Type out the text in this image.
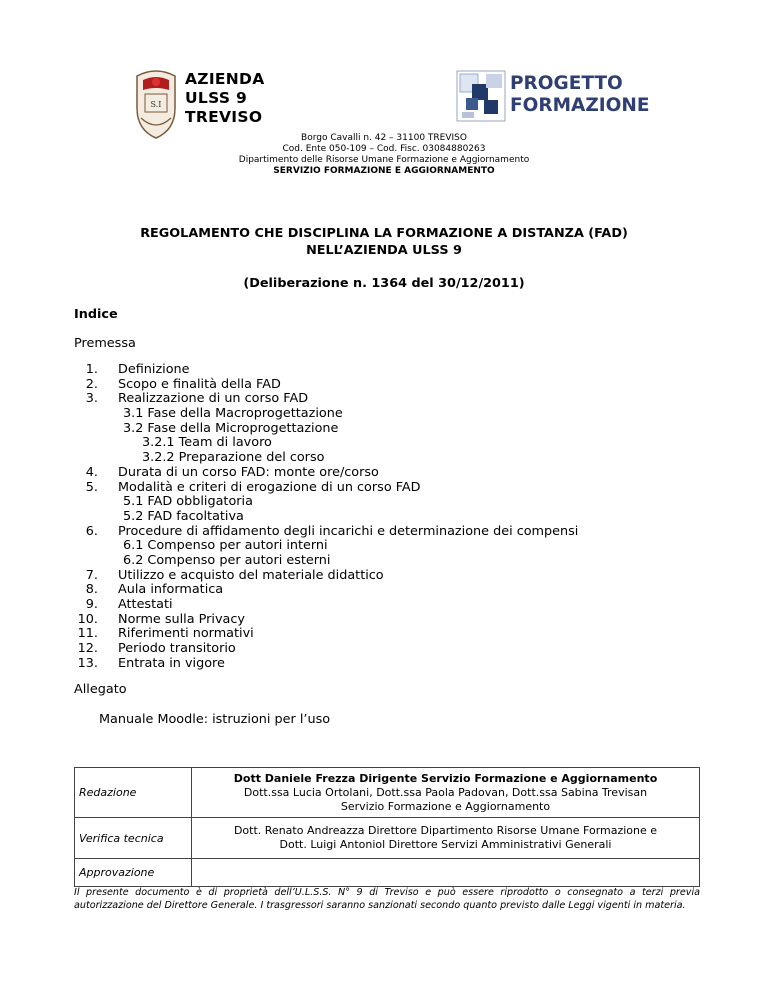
S.I
AZIENDA
ULSS 9
TREVISO
PROGETTO
FORMAZIONE
Borgo Cavalli n. 42 – 31100 TREVISO
Cod. Ente 050-109 – Cod. Fisc. 03084880263
Dipartimento delle Risorse Umane Formazione e Aggiornamento
SERVIZIO FORMAZIONE E AGGIORNAMENTO
REGOLAMENTO CHE DISCIPLINA LA FORMAZIONE A DISTANZA (FAD)
NELL’AZIENDA ULSS 9
(Deliberazione n. 1364 del 30/12/2011)
Indice
Premessa
1. Definizione
2. Scopo e finalità della FAD
3. Realizzazione di un corso FAD
3.1 Fase della Macroprogettazione
3.2 Fase della Microprogettazione
3.2.1 Team di lavoro
3.2.2 Preparazione del corso
4. Durata di un corso FAD: monte ore/corso
5. Modalità e criteri di erogazione di un corso FAD
5.1 FAD obbligatoria
5.2 FAD facoltativa
6. Procedure di affidamento degli incarichi e determinazione dei compensi
6.1 Compenso per autori interni
6.2 Compenso per autori esterni
7. Utilizzo e acquisto del materiale didattico
8. Aula informatica
9. Attestati
10. Norme sulla Privacy
11. Riferimenti normativi
12. Periodo transitorio
13. Entrata in vigore
Allegato
Manuale Moodle: istruzioni per l’uso
Redazione	Dott Daniele Frezza Dirigente Servizio Formazione e Aggiornamento
Dott.ssa Lucia Ortolani, Dott.ssa Paola Padovan, Dott.ssa Sabina Trevisan
Servizio Formazione e Aggiornamento

Verifica tecnica	Dott. Renato Andreazza Direttore Dipartimento Risorse Umane Formazione e
Dott. Luigi Antoniol Direttore Servizi Amministrativi Generali

Approvazione	
Il presente documento è di proprietà dell’U.L.S.S. N° 9 di Treviso e può essere riprodotto o consegnato a terzi previa autorizzazione del Direttore Generale. I trasgressori saranno sanzionati secondo quanto previsto dalle Leggi vigenti in materia.
